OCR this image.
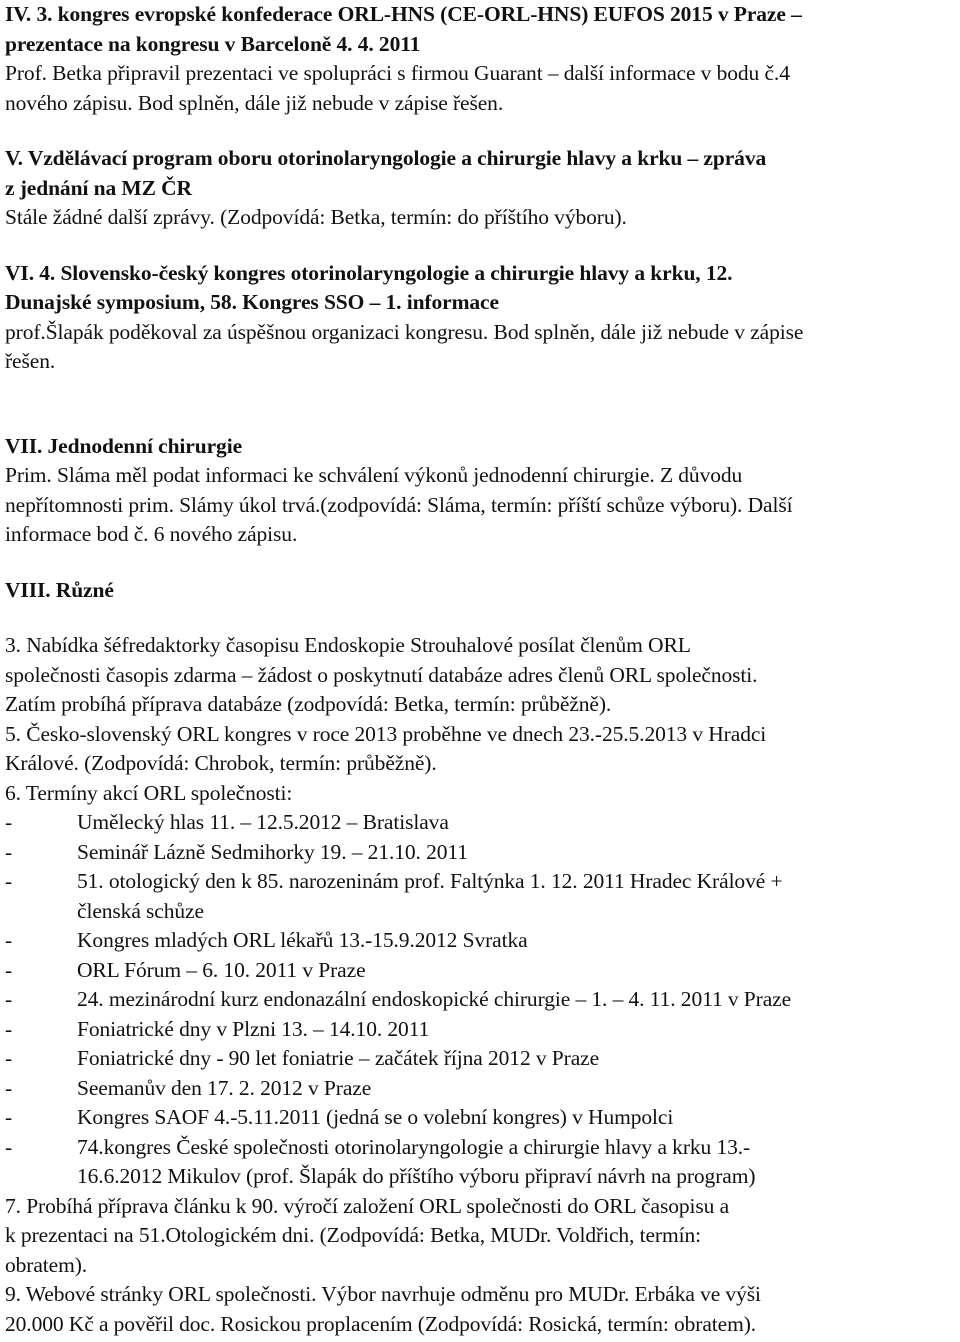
IV. 3. kongres evropské konfederace ORL-HNS (CE-ORL-HNS) EUFOS 2015 v Praze –

prezentace na kongresu v Barceloně 4. 4. 2011

Prof. Betka připravil prezentaci ve spolupráci s firmou Guarant – další informace v bodu č.4

nového zápisu. Bod splněn, dále již nebude v zápise řešen.

V. Vzdělávací program oboru otorinolaryngologie a chirurgie hlavy a krku – zpráva

z jednání na MZ ČR

Stále žádné další zprávy. (Zodpovídá: Betka, termín: do příštího výboru).

VI. 4. Slovensko-český kongres otorinolaryngologie a chirurgie hlavy a krku, 12.

Dunajské symposium, 58. Kongres SSO – 1. informace

prof.Šlapák poděkoval za úspěšnou organizaci kongresu. Bod splněn, dále již nebude v zápise

řešen.

VII. Jednodenní chirurgie

Prim. Sláma měl podat informaci ke schválení výkonů jednodenní chirurgie. Z důvodu

nepřítomnosti prim. Slámy úkol trvá.(zodpovídá: Sláma, termín: příští schůze výboru). Další

informace bod č. 6 nového zápisu.

VIII. Různé

3. Nabídka šéfredaktorky časopisu Endoskopie Strouhalové posílat členům ORL

společnosti časopis zdarma – žádost o poskytnutí databáze adres členů ORL společnosti.

Zatím probíhá příprava databáze (zodpovídá: Betka, termín: průběžně).

5. Česko-slovenský ORL kongres v roce 2013 proběhne ve dnech 23.-25.5.2013 v Hradci

Králové. (Zodpovídá: Chrobok, termín: průběžně).

6. Termíny akcí ORL společnosti:

-	Umělecký hlas 11. – 12.5.2012 – Bratislava
-	Seminář Lázně Sedmihorky 19. – 21.10. 2011
-	51. otologický den k 85. narozeninám prof. Faltýnka 1. 12. 2011 Hradec Králové +
členská schůze
-	Kongres mladých ORL lékařů 13.-15.9.2012 Svratka
-	ORL Fórum – 6. 10. 2011 v Praze
-	24. mezinárodní kurz endonazální endoskopické chirurgie – 1. – 4. 11. 2011 v Praze
-	Foniatrické dny v Plzni 13. – 14.10. 2011
-	Foniatrické dny - 90 let foniatrie – začátek října 2012 v Praze
-	Seemanův den 17. 2. 2012 v Praze
-	Kongres SAOF 4.-5.11.2011 (jedná se o volební kongres) v Humpolci
-	74.kongres České společnosti otorinolaryngologie a chirurgie hlavy a krku 13.-
16.6.2012 Mikulov (prof. Šlapák do příštího výboru připraví návrh na program)

7. Probíhá příprava článku k 90. výročí založení ORL společnosti do ORL časopisu a

k prezentaci na 51.Otologickém dni. (Zodpovídá: Betka, MUDr. Voldřich, termín:

obratem).

9. Webové stránky ORL společnosti. Výbor navrhuje odměnu pro MUDr. Erbáka ve výši

20.000 Kč a pověřil doc. Rosickou proplacením (Zodpovídá: Rosická, termín: obratem).
